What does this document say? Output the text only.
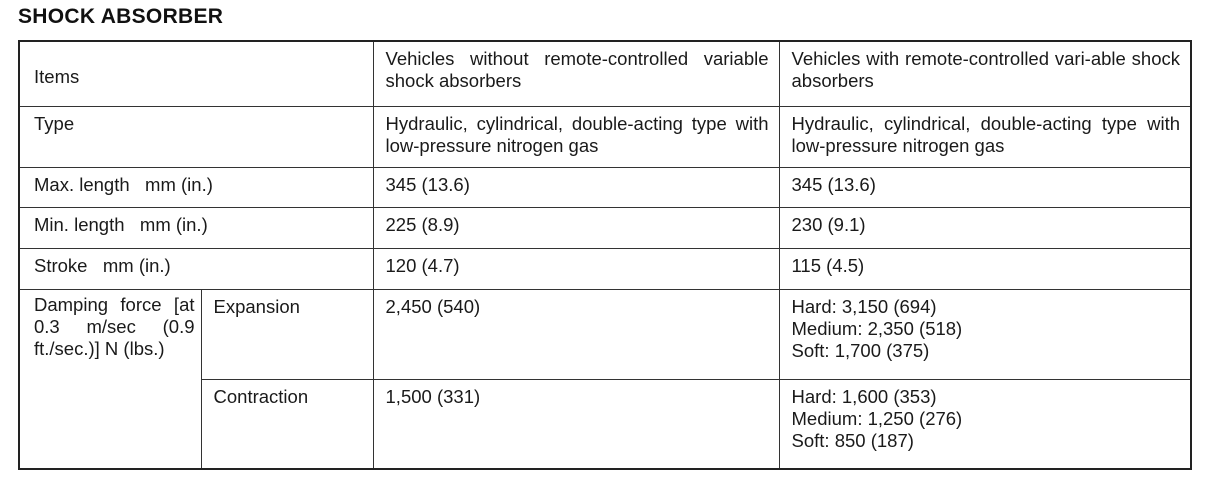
SHOCK ABSORBER
Items		Vehicles without remote-controlled variable shock absorbers	Vehicles with remote-controlled vari-able shock absorbers

Type		Hydraulic, cylindrical, double-acting type with low-pressure nitrogen gas	Hydraulic, cylindrical, double-acting type with low-pressure nitrogen gas

Max. length   mm (in.)		345 (13.6)	345 (13.6)

Min. length   mm (in.)		225 (8.9)	230 (9.1)

Stroke   mm (in.)		120 (4.7)	115 (4.5)

Damping force [at 0.3 m/sec (0.9 ft./sec.)] N (lbs.)	Expansion	2,450 (540)	Hard: 3,150 (694)
Medium: 2,350 (518)
Soft: 1,700 (375)

	Contraction	1,500 (331)	Hard: 1,600 (353)
Medium: 1,250 (276)
Soft: 850 (187)
